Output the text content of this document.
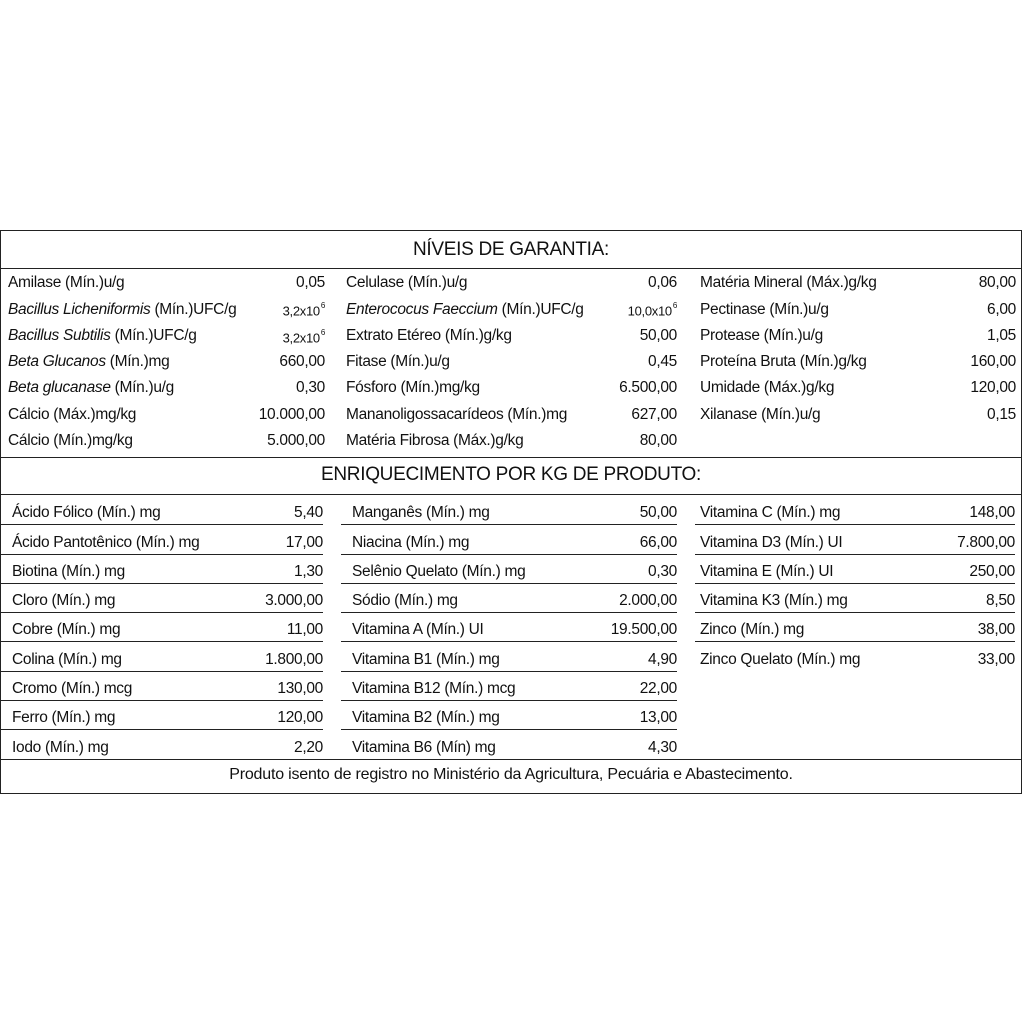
NÍVEIS DE GARANTIA:
Amilase (Mín.)u/g	0,05
Bacillus Licheniformis (Mín.)UFC/g	$3,2x10^6$
Bacillus Subtilis (Mín.)UFC/g	$3,2x10^6$
Beta Glucanos (Mín.)mg	660,00
Beta glucanase (Mín.)u/g	0,30
Cálcio (Máx.)mg/kg	10.000,00
Cálcio (Mín.)mg/kg	5.000,00
Celulase (Mín.)u/g	0,06
Enterococus Faeccium (Mín.)UFC/g	$10,0x10^6$
Extrato Etéreo (Mín.)g/kg	50,00
Fitase (Mín.)u/g	0,45
Fósforo (Mín.)mg/kg	6.500,00
Mananoligossacarídeos (Mín.)mg	627,00
Matéria Fibrosa (Máx.)g/kg	80,00
Matéria Mineral (Máx.)g/kg	80,00
Pectinase (Mín.)u/g	6,00
Protease (Mín.)u/g	1,05
Proteína Bruta (Mín.)g/kg	160,00
Umidade (Máx.)g/kg	120,00
Xilanase (Mín.)u/g	0,15
ENRIQUECIMENTO POR KG DE PRODUTO:
Ácido Fólico (Mín.) mg	5,40
Ácido Pantotênico (Mín.) mg	17,00
Biotina (Mín.) mg	1,30
Cloro (Mín.) mg	3.000,00
Cobre (Mín.) mg	11,00
Colina (Mín.) mg	1.800,00
Cromo (Mín.) mcg	130,00
Ferro (Mín.) mg	120,00
Iodo (Mín.) mg	2,20
Manganês (Mín.) mg	50,00
Niacina (Mín.) mg	66,00
Selênio Quelato (Mín.) mg	0,30
Sódio (Mín.) mg	2.000,00
Vitamina A (Mín.) UI	19.500,00
Vitamina B1 (Mín.) mg	4,90
Vitamina B12 (Mín.) mcg	22,00
Vitamina B2 (Mín.) mg	13,00
Vitamina B6 (Mín) mg	4,30
Vitamina C (Mín.) mg	148,00
Vitamina D3 (Mín.) UI	7.800,00
Vitamina E (Mín.) UI	250,00
Vitamina K3 (Mín.) mg	8,50
Zinco (Mín.) mg	38,00
Zinco Quelato (Mín.) mg	33,00
Produto isento de registro no Ministério da Agricultura, Pecuária e Abastecimento.
